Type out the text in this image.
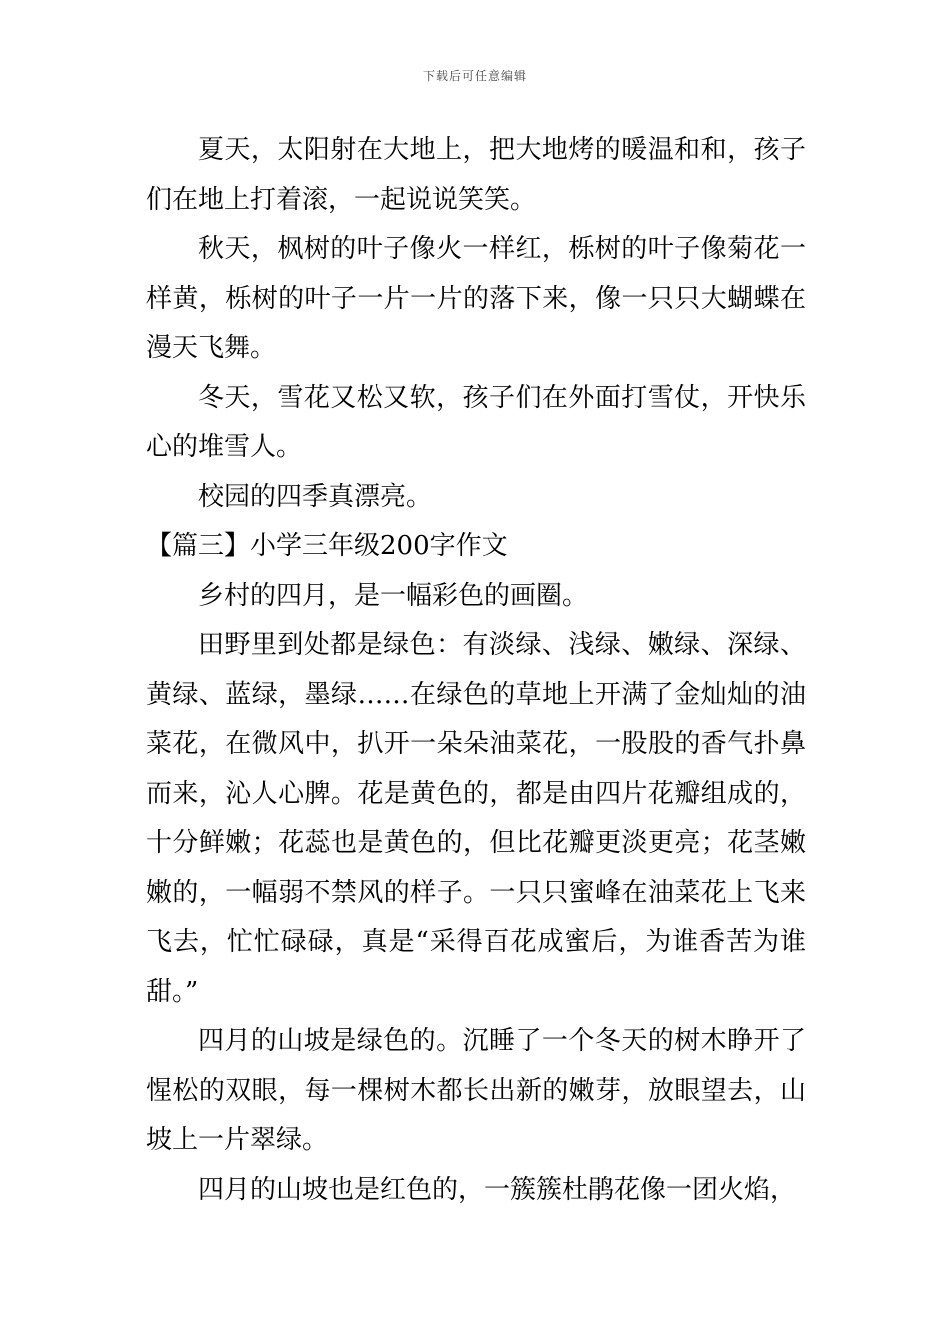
下载后可任意编辑

夏天，太阳射在大地上，把大地烤的暖温和和，孩子们在地上打着滚，一起说说笑笑。

秋天，枫树的叶子像火一样红，栎树的叶子像菊花一样黄，栎树的叶子一片一片的落下来，像一只只大蝴蝶在漫天飞舞。

冬天，雪花又松又软，孩子们在外面打雪仗，开快乐心的堆雪人。

校园的四季真漂亮。

【篇三】小学三年级200字作文

乡村的四月，是一幅彩色的画圈。

田野里到处都是绿色：有淡绿、浅绿、嫩绿、深绿、黄绿、蓝绿，墨绿……在绿色的草地上开满了金灿灿的油菜花，在微风中，扒开一朵朵油菜花，一股股的香气扑鼻而来，沁人心脾。花是黄色的，都是由四片花瓣组成的，十分鲜嫩；花蕊也是黄色的，但比花瓣更淡更亮；花茎嫩嫩的，一幅弱不禁风的样子。一只只蜜峰在油菜花上飞来飞去，忙忙碌碌，真是“采得百花成蜜后，为谁香苦为谁甜。”

四月的山坡是绿色的。沉睡了一个冬天的树木睁开了惺松的双眼，每一棵树木都长出新的嫩芽，放眼望去，山坡上一片翠绿。

四月的山坡也是红色的，一簇簇杜鹃花像一团火焰，
